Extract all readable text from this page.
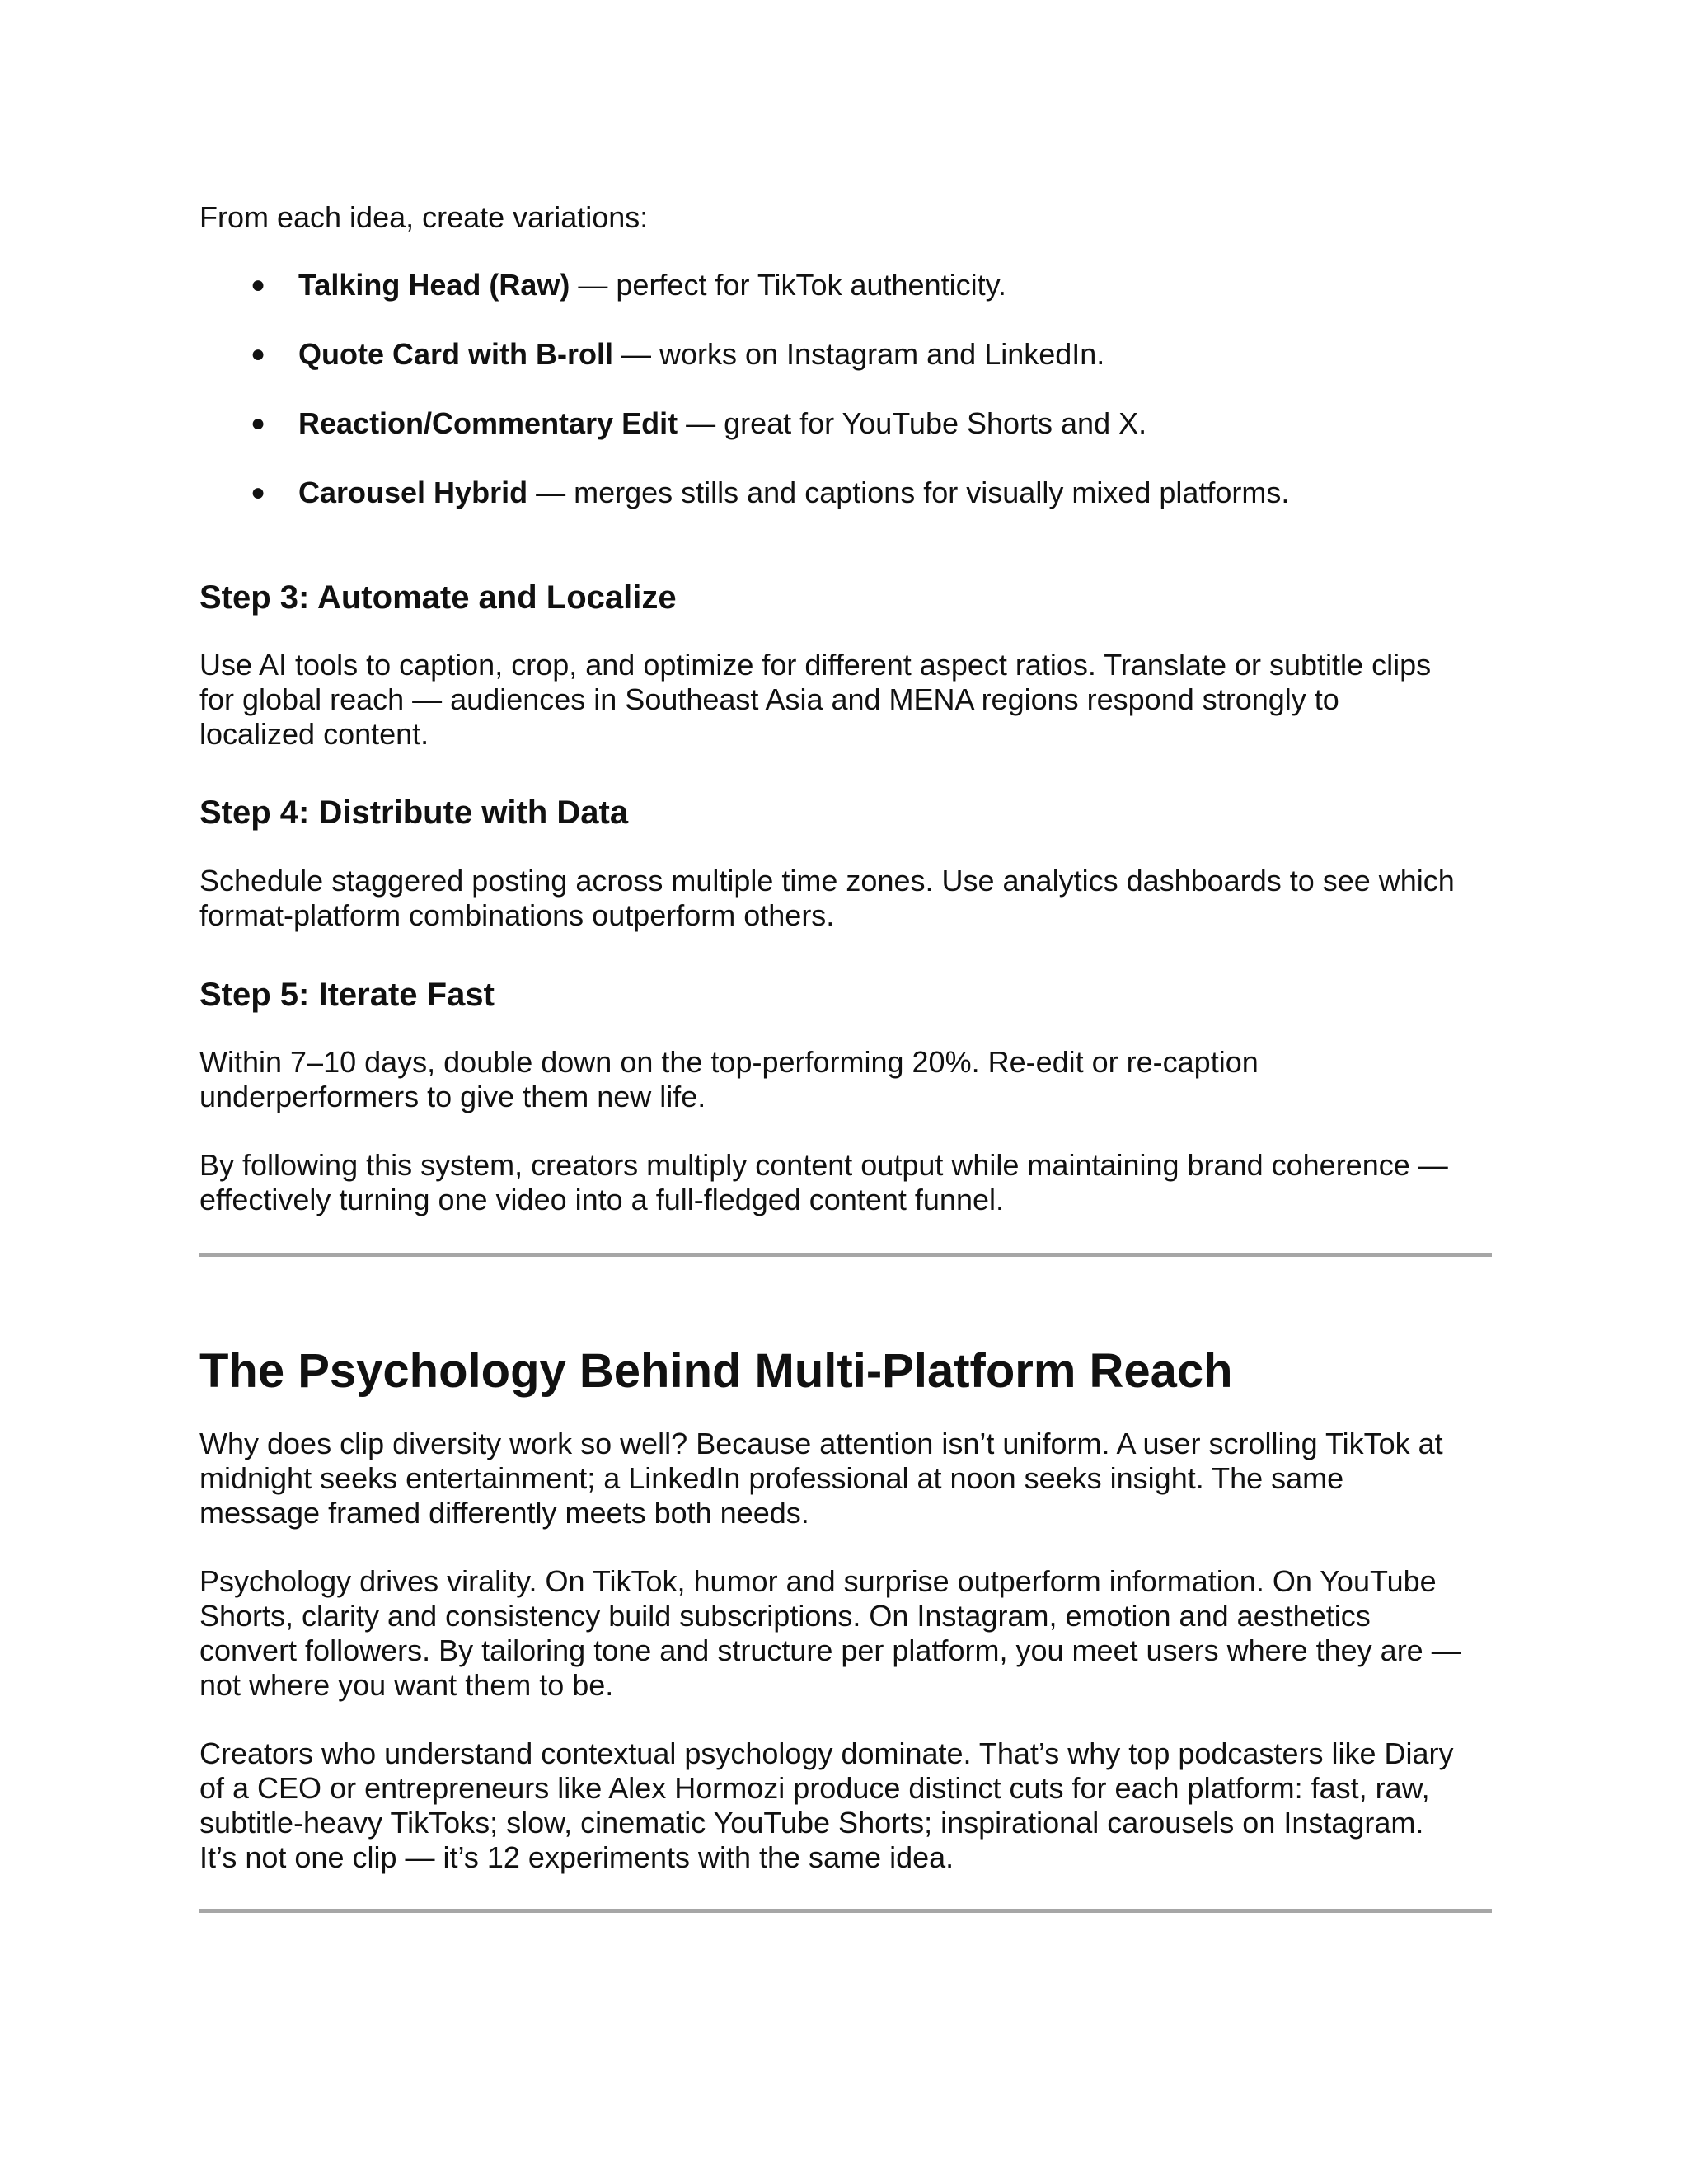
From each idea, create variations:

● Talking Head (Raw) — perfect for TikTok authenticity.
● Quote Card with B-roll — works on Instagram and LinkedIn.
● Reaction/Commentary Edit — great for YouTube Shorts and X.
● Carousel Hybrid — merges stills and captions for visually mixed platforms.
Step 3: Automate and Localize

Use AI tools to caption, crop, and optimize for different aspect ratios. Translate or subtitle clips

for global reach — audiences in Southeast Asia and MENA regions respond strongly to

localized content.

Step 4: Distribute with Data

Schedule staggered posting across multiple time zones. Use analytics dashboards to see which

format-platform combinations outperform others.

Step 5: Iterate Fast

Within 7–10 days, double down on the top-performing 20%. Re-edit or re-caption

underperformers to give them new life.

By following this system, creators multiply content output while maintaining brand coherence —

effectively turning one video into a full-fledged content funnel.

The Psychology Behind Multi-Platform Reach

Why does clip diversity work so well? Because attention isn’t uniform. A user scrolling TikTok at

midnight seeks entertainment; a LinkedIn professional at noon seeks insight. The same

message framed differently meets both needs.

Psychology drives virality. On TikTok, humor and surprise outperform information. On YouTube

Shorts, clarity and consistency build subscriptions. On Instagram, emotion and aesthetics

convert followers. By tailoring tone and structure per platform, you meet users where they are —

not where you want them to be.

Creators who understand contextual psychology dominate. That’s why top podcasters like Diary

of a CEO or entrepreneurs like Alex Hormozi produce distinct cuts for each platform: fast, raw,

subtitle-heavy TikToks; slow, cinematic YouTube Shorts; inspirational carousels on Instagram.

It’s not one clip — it’s 12 experiments with the same idea.
